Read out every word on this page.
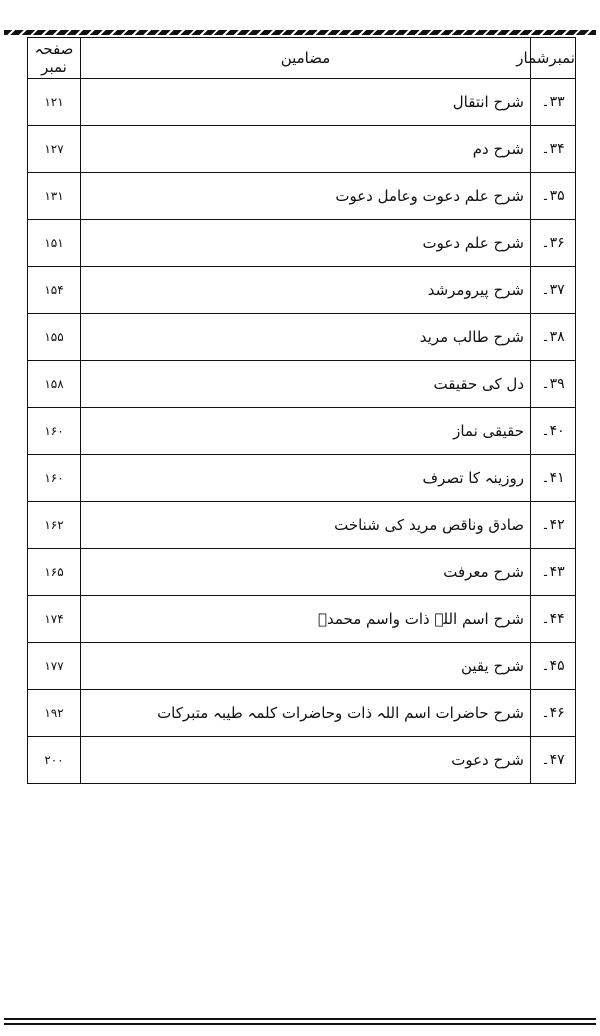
نمبرشمار	مضامین	صفحہ نمبر
۳۳۔	شرح انتقال	۱۲۱
۳۴۔	شرح دم	۱۲۷
۳۵۔	شرح علم دعوت وعامل دعوت	۱۳۱
۳۶۔	شرح علم دعوت	۱۵۱
۳۷۔	شرح پیرومرشد	۱۵۴
۳۸۔	شرح طالب مرید	۱۵۵
۳۹۔	دل کی حقیقت	۱۵۸
۴۰۔	حقیقی نماز	۱۶۰
۴۱۔	روزینہ کا تصرف	۱۶۰
۴۲۔	صادق وناقص مرید کی شناخت	۱۶۲
۴۳۔	شرح معرفت	۱۶۵
۴۴۔	شرح اسم اللہ ذات واسم محمدؐ	۱۷۴
۴۵۔	شرح یقین	۱۷۷
۴۶۔	شرح حاضرات اسم اللہ ذات وحاضرات کلمہ طیبہ متبرکات	۱۹۲
۴۷۔	شرح دعوت	۲۰۰
